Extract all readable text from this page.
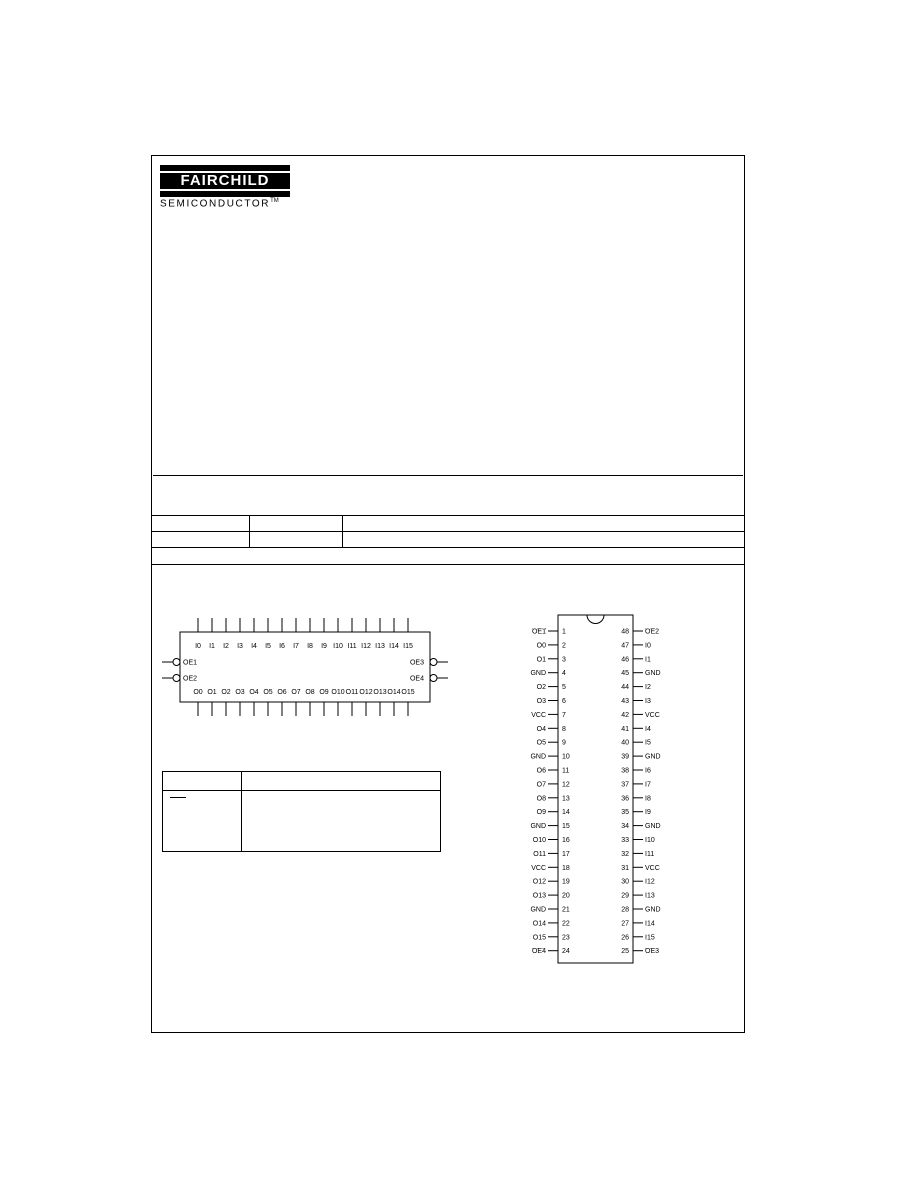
FAIRCHILD
SEMICONDUCTOR™

I0 I1 I2 I3 I4 I5 I6 I7 I8 I9 I10 I11 I12 I13 I14 I15
O0 O1 O2 O3 O4 O5 O6 O7 O8 O9 O10 O11 O12 O13 O14 O15
OE1
OE2
OE3
OE4

OE1 1
O0 2
O1 3
GND 4
O2 5
O3 6
VCC 7
O4 8
O5 9
GND 10
O6 11
O7 12
O8 13
O9 14
GND 15
O10 16
O11 17
VCC 18
O12 19
O13 20
GND 21
O14 22
O15 23
OE4 24
48 OE2
47 I0
46 I1
45 GND
44 I2
43 I3
42 VCC
41 I4
40 I5
39 GND
38 I6
37 I7
36 I8
35 I9
34 GND
33 I10
32 I11
31 VCC
30 I12
29 I13
28 GND
27 I14
26 I15
25 OE3
